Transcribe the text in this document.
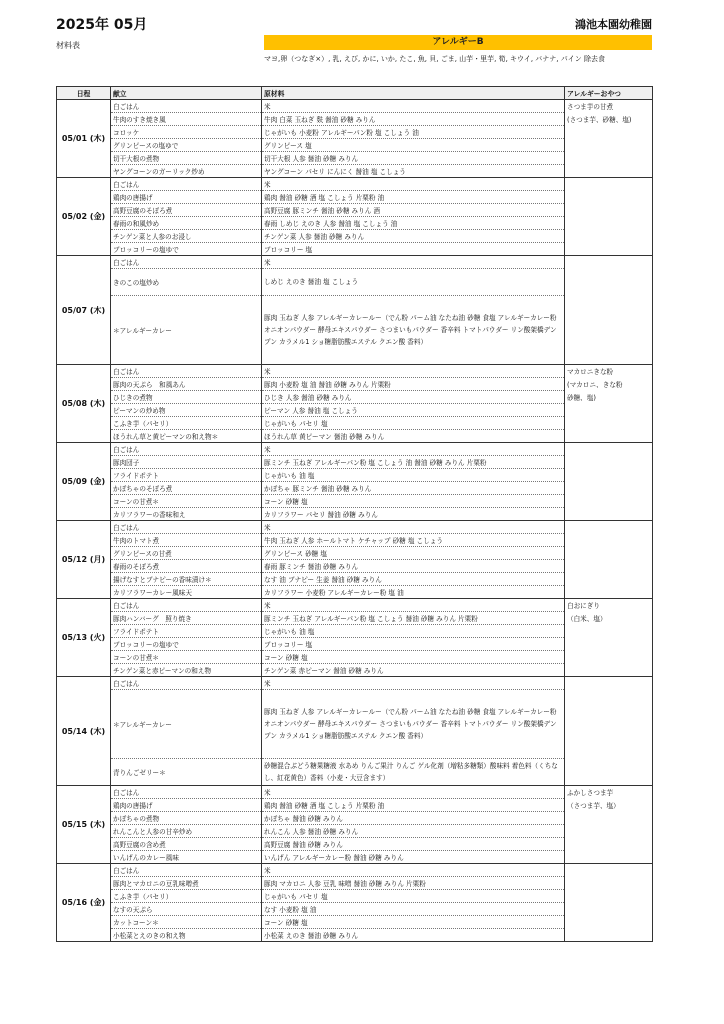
2025年 05月	鴻池本園幼稚園
材料表	アレルギーB
マヨ,卵（つなぎ×）, 乳, えび, かに, いか, たこ, 魚, 貝, ごま, 山芋・里芋, 筍, キウイ, バナナ, パイン 除去食
日程	献立	原材料	アレルギーおやつ
05/01 (木)	白ごはん	米	さつま芋の甘煮
	牛肉のすき焼き風	牛肉 白菜 玉ねぎ 麩 醤油 砂糖 みりん	(さつま芋、砂糖、塩)
	コロッケ	じゃがいも 小麦粉 アレルギーパン粉 塩 こしょう 油	
	グリンピースの塩ゆで	グリンピース 塩	
	切干大根の煮物	切干大根 人参 醤油 砂糖 みりん	
	ヤングコーンのガーリック炒め	ヤングコーン パセリ にんにく 醤油 塩 こしょう	
05/02 (金)	白ごはん	米	
	鶏肉の唐揚げ	鶏肉 醤油 砂糖 酒 塩 こしょう 片栗粉 油	
	高野豆腐のそぼろ煮	高野豆腐 豚ミンチ 醤油 砂糖 みりん 酒	
	春雨の和風炒め	春雨 しめじ えのき 人参 醤油 塩 こしょう 油	
	チンゲン菜と人参のお浸し	チンゲン菜 人参 醤油 砂糖 みりん	
	ブロッコリーの塩ゆで	ブロッコリー 塩	
05/07 (木)	白ごはん	米	
	きのこの塩炒め	しめじ えのき 醤油 塩 こしょう	
	＊アレルギーカレー	豚肉 玉ねぎ 人参 アレルギーカレールー（でん粉 パーム油 なたね油 砂糖 食塩 アレルギーカレー粉 オニオンパウダー 酵母エキスパウダー さつまいもパウダー 香辛料 トマトパウダー リン酸架橋デンプン カラメル1 ショ糖脂肪酸エステル クエン酸 香料）	
05/08 (木)	白ごはん	米	マカロニきな粉
	豚肉の天ぷら　和風あん	豚肉 小麦粉 塩 油 醤油 砂糖 みりん 片栗粉	(マカロニ、きな粉
	ひじきの煮物	ひじき 人参 醤油 砂糖 みりん	砂糖、塩)
	ピーマンの炒め物	ピーマン 人参 醤油 塩 こしょう	
	こふき芋（パセリ）	じゃがいも パセリ 塩	
	ほうれん草と黄ピーマンの和え物＊	ほうれん草 黄ピーマン 醤油 砂糖 みりん	
05/09 (金)	白ごはん	米	
	豚肉団子	豚ミンチ 玉ねぎ アレルギーパン粉 塩 こしょう 油 醤油 砂糖 みりん 片栗粉	
	フライドポテト	じゃがいも 油 塩	
	かぼちゃのそぼろ煮	かぼちゃ 豚ミンチ 醤油 砂糖 みりん	
	コーンの甘煮＊	コーン 砂糖 塩	
	カリフラワーの香味和え	カリフラワー パセリ 醤油 砂糖 みりん	
05/12 (月)	白ごはん	米	
	牛肉のトマト煮	牛肉 玉ねぎ 人参 ホールトマト ケチャップ 砂糖 塩 こしょう	
	グリンピースの甘煮	グリンピース 砂糖 塩	
	春雨のそぼろ煮	春雨 豚ミンチ 醤油 砂糖 みりん	
	揚げなすとブナピーの香味漬け＊	なす 油 ブナピー 生姜 醤油 砂糖 みりん	
	カリフラワーカレー風味天	カリフラワー 小麦粉 アレルギーカレー粉 塩 油	
05/13 (火)	白ごはん	米	白おにぎり
	豚肉ハンバーグ　照り焼き	豚ミンチ 玉ねぎ アレルギーパン粉 塩 こしょう 醤油 砂糖 みりん 片栗粉	（白米、塩）
	フライドポテト	じゃがいも 油 塩	
	ブロッコリーの塩ゆで	ブロッコリー 塩	
	コーンの甘煮＊	コーン 砂糖 塩	
	チンゲン菜と赤ピーマンの和え物	チンゲン菜 赤ピーマン 醤油 砂糖 みりん	
05/14 (木)	白ごはん	米	
	＊アレルギーカレー	豚肉 玉ねぎ 人参 アレルギーカレールー（でん粉 パーム油 なたね油 砂糖 食塩 アレルギーカレー粉 オニオンパウダー 酵母エキスパウダー さつまいもパウダー 香辛料 トマトパウダー リン酸架橋デンプン カラメル1 ショ糖脂肪酸エステル クエン酸 香料）	
	青りんごゼリー＊	砂糖混合ぶどう糖果糖液 水あめ りんご果汁 りんご ゲル化剤（増粘多糖類）酸味料 着色料（くちなし、紅花黄色）香料（小麦・大豆含ます）	
05/15 (木)	白ごはん	米	ふかしさつま芋
	鶏肉の唐揚げ	鶏肉 醤油 砂糖 酒 塩 こしょう 片栗粉 油	（さつま芋、塩）
	かぼちゃの煮物	かぼちゃ 醤油 砂糖 みりん	
	れんこんと人参の甘辛炒め	れんこん 人参 醤油 砂糖 みりん	
	高野豆腐の含め煮	高野豆腐 醤油 砂糖 みりん	
	いんげんのカレー風味	いんげん アレルギーカレー粉 醤油 砂糖 みりん	
05/16 (金)	白ごはん	米	
	豚肉とマカロニの豆乳味噌煮	豚肉 マカロニ 人参 豆乳 味噌 醤油 砂糖 みりん 片栗粉	
	こふき芋（パセリ）	じゃがいも パセリ 塩	
	なすの天ぷら	なす 小麦粉 塩 油	
	カットコーン＊	コーン 砂糖 塩	
	小松菜とえのきの和え物	小松菜 えのき 醤油 砂糖 みりん	
